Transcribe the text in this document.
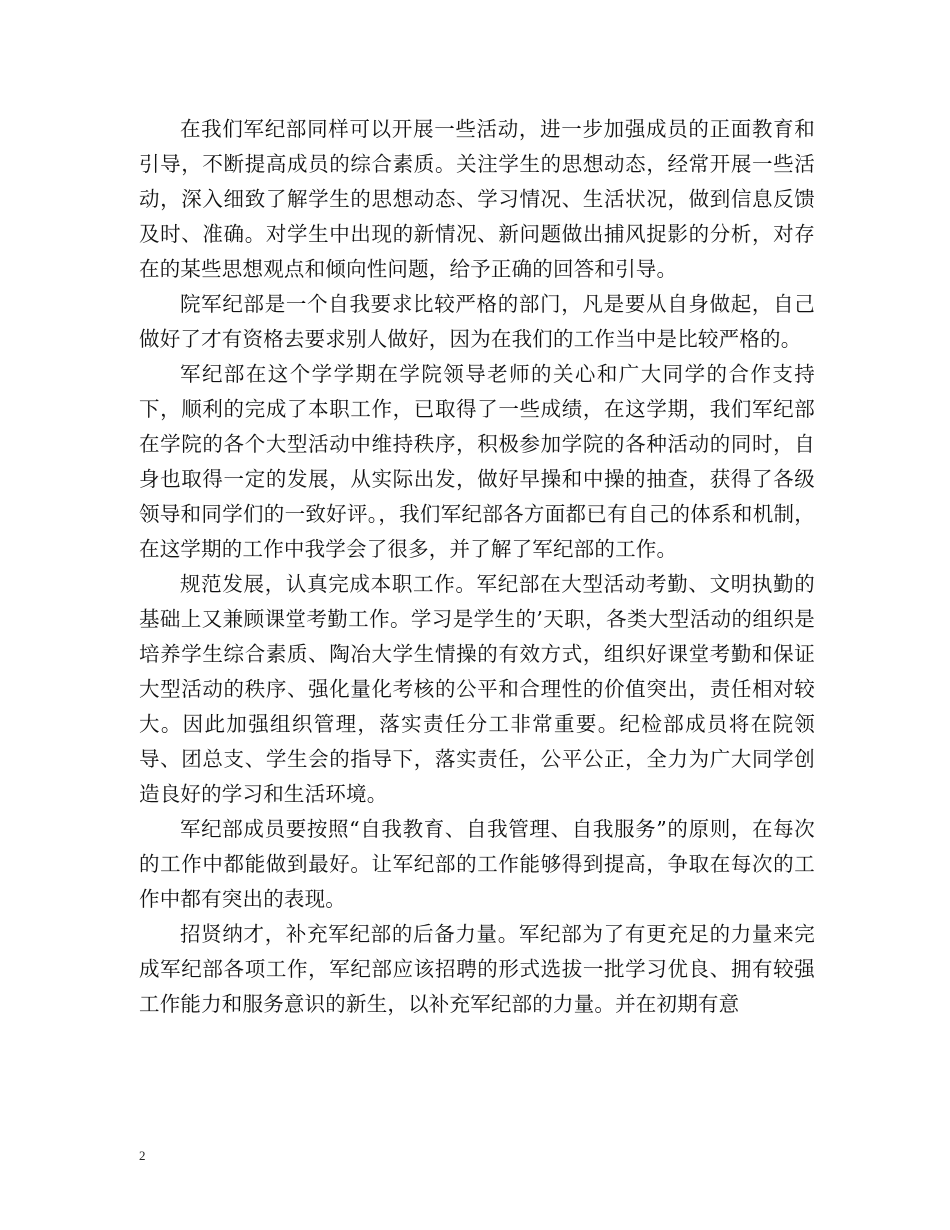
在我们军纪部同样可以开展一些活动，进一步加强成员的正面教育和引导，不断提高成员的综合素质。关注学生的思想动态，经常开展一些活动，深入细致了解学生的思想动态、学习情况、生活状况，做到信息反馈及时、准确。对学生中出现的新情况、新问题做出捕风捉影的分析，对存在的某些思想观点和倾向性问题，给予正确的回答和引导。

院军纪部是一个自我要求比较严格的部门，凡是要从自身做起，自己做好了才有资格去要求别人做好，因为在我们的工作当中是比较严格的。

军纪部在这个学学期在学院领导老师的关心和广大同学的合作支持下，顺利的完成了本职工作，已取得了一些成绩，在这学期，我们军纪部在学院的各个大型活动中维持秩序，积极参加学院的各种活动的同时，自身也取得一定的发展，从实际出发，做好早操和中操的抽查，获得了各级领导和同学们的一致好评。，我们军纪部各方面都已有自己的体系和机制，在这学期的工作中我学会了很多，并了解了军纪部的工作。

规范发展，认真完成本职工作。军纪部在大型活动考勤、文明执勤的基础上又兼顾课堂考勤工作。学习是学生的’天职，各类大型活动的组织是培养学生综合素质、陶冶大学生情操的有效方式，组织好课堂考勤和保证大型活动的秩序、强化量化考核的公平和合理性的价值突出，责任相对较大。因此加强组织管理，落实责任分工非常重要。纪检部成员将在院领导、团总支、学生会的指导下，落实责任，公平公正，全力为广大同学创造良好的学习和生活环境。

军纪部成员要按照“自我教育、自我管理、自我服务”的原则，在每次的工作中都能做到最好。让军纪部的工作能够得到提高，争取在每次的工作中都有突出的表现。

招贤纳才，补充军纪部的后备力量。军纪部为了有更充足的力量来完成军纪部各项工作，军纪部应该招聘的形式选拔一批学习优良、拥有较强工作能力和服务意识的新生，以补充军纪部的力量。并在初期有意

2
